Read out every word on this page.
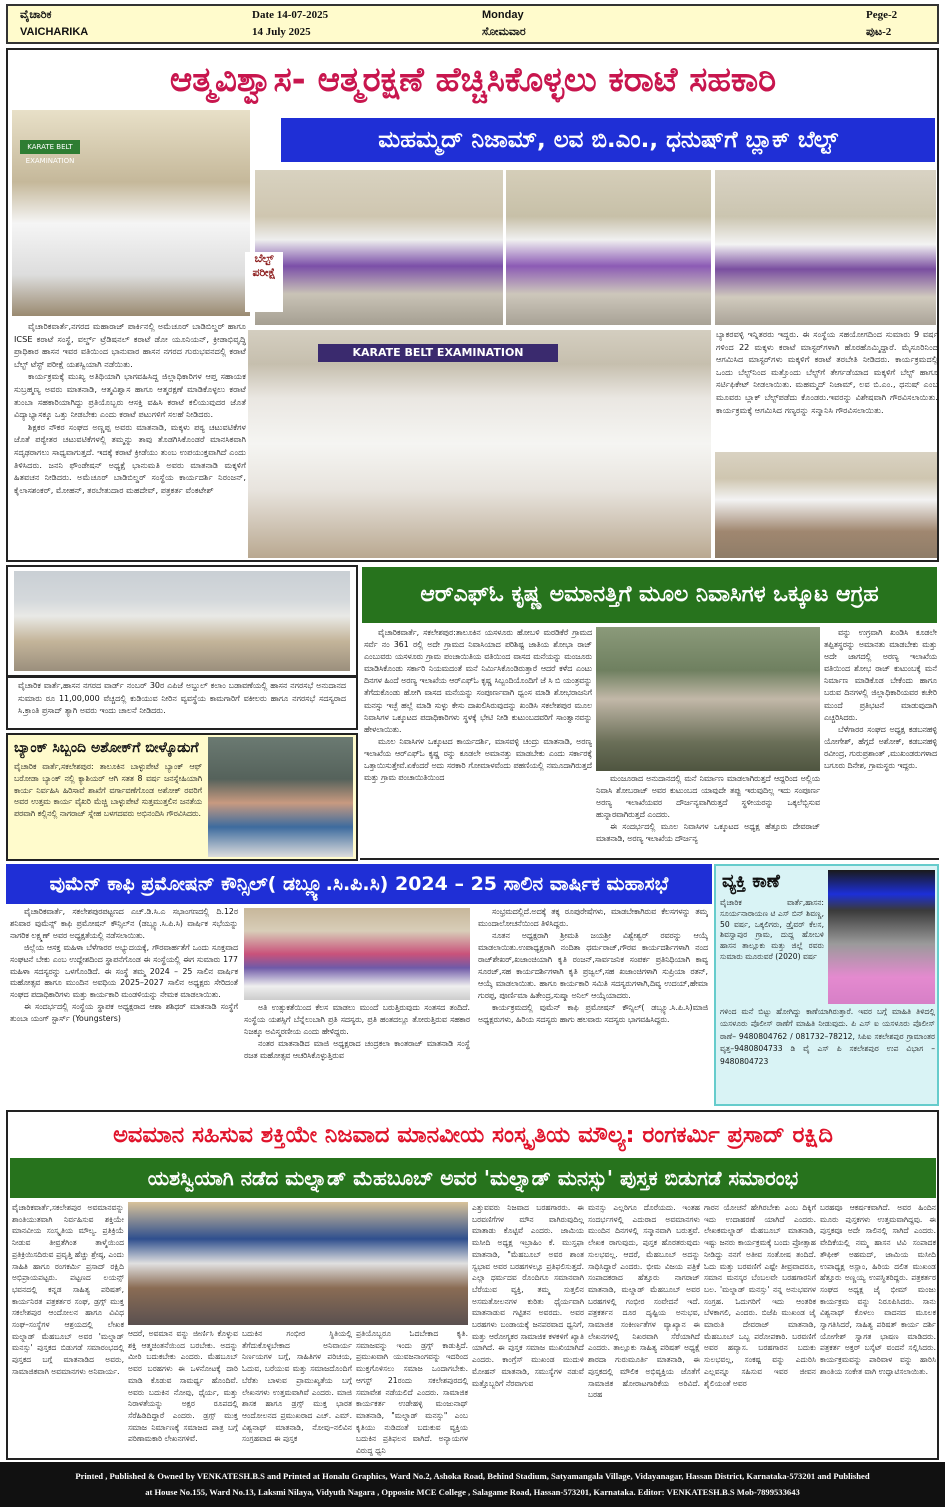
ವೈಚಾರಿಕ
VAICHARIKA
Date 14-07-2025
14 July 2025
Monday
ಸೋಮವಾರ
Pege-2
ಪುಟ-2
ಆತ್ಮವಿಶ್ವಾಸ- ಆತ್ಮರಕ್ಷಣೆ ಹೆಚ್ಚಿಸಿಕೊಳ್ಳಲು ಕರಾಟೆ ಸಹಕಾರಿ
ಮಹಮ್ಮದ್ ನಿಜಾಮ್, ಲವ ಬಿ.ಎಂ., ಧನುಷ್‌ಗೆ ಬ್ಲಾಕ್ ಬೆಲ್ಟ್
KARATE BELT EXAMINATION
ಬೆಲ್ಟ್ ಪರೀಕ್ಷೆ

ವೈಚಾರಿಕವಾರ್ತೆ,ನಗರದ ಮಹಾರಾಜ್ ಪಾರ್ಕಿನಲ್ಲಿ ಅಮೆಚೂರ್ ಬಾಡಿಬಿಲ್ಡರ್ ಹಾಗೂ ICSE ಕರಾಟೆ ಸಂಸ್ಥೆ, ವರ್ಲ್ಡ್ ಟ್ರೆಡಿಷನಲ್ ಕರಾಟೆ ಡೋ ಯೂನಿಯನ್, ಕ್ರೀಡಾಭಿವೃದ್ಧಿ ಪ್ರಾಧಿಕಾರ ಹಾಸನ ಇವರ ವತಿಯಿಂದ ಭಾನುವಾರ ಹಾಸನ ನಗರದ ಗುರುಭವನದಲ್ಲಿ ಕರಾಟೆ ಬೆಲ್ಟ್ ಟೆಸ್ಟ್ ಪರೀಕ್ಷೆ ಯಶಸ್ವಿಯಾಗಿ ನಡೆಯಿತು.

ಕಾರ್ಯಕ್ರಮಕ್ಕೆ ಮುಖ್ಯ ಅತಿಥಿಯಾಗಿ ಭಾಗವಹಿಸಿದ್ದ ಜಿಲ್ಲಾಧಿಕಾರಿಗಳ ಆಪ್ತ ಸಹಾಯಕ ಸುಬ್ರಹ್ಮಣ್ಯ ಅವರು ಮಾತನಾಡಿ, ಆತ್ಮವಿಶ್ವಾಸ ಹಾಗೂ ಆತ್ಮರಕ್ಷಣೆ ಮಾಡಿಕೊಳ್ಳಲು ಕರಾಟೆ ತುಂಬಾ ಸಹಕಾರಿಯಾಗಿದ್ದು ಪ್ರತಿಯೊಬ್ಬರು ಆಸಕ್ತಿ ವಹಿಸಿ ಕರಾಟೆ ಕಲಿಯುವುದರ ಜೊತೆ ವಿದ್ಯಾಭ್ಯಾಸಕ್ಕೂ ಒತ್ತು ನೀಡಬೇಕು ಎಂದು ಕರಾಟೆ ಪಟುಗಳಿಗೆ ಸಲಹೆ ನೀಡಿದರು.

ಶಿಕ್ಷಕರ ನೌಕರ ಸಂಘದ ಅಣ್ಣಪ್ಪ ಅವರು ಮಾತನಾಡಿ, ಮಕ್ಕಳು ಪಠ್ಯ ಚಟುವಟಿಕೆಗಳ ಜೊತೆ ಪಠ್ಯೇತರ ಚಟುವಟಿಕೆಗಳಲ್ಲಿ ತಮ್ಮನ್ನು ತಾವು ತೊಡಗಿಸಿಕೊಂಡರೆ ಮಾನಸಿಕವಾಗಿ ಸದೃಢರಾಗಲು ಸಾಧ್ಯವಾಗುತ್ತದೆ. ಇದಕ್ಕೆ ಕರಾಟೆ ಕ್ರೀಡೆಯು ತುಂಬ ಉಪಯುಕ್ತವಾಗಿದೆ ಎಂದು ತಿಳಿಸಿದರು. ಜನನಿ ಫೌಂಡೇಷನ್ ಅಧ್ಯಕ್ಷೆ ಭಾನುಮತಿ ಅವರು ಮಾತನಾಡಿ ಮಕ್ಕಳಿಗೆ ಹಿತವಚನ ನೀಡಿದರು. ಅಮೆಚೂರ್ ಬಾಡಿಬಿಲ್ಡರ್ ಸಂಸ್ಥೆಯ ಕಾರ್ಯದರ್ಶಿ ನಿರಂಜನ್, ಕೈಲಾಸಶಂಕರ್, ಮೋಹನ್, ತರಬೇತುದಾರ ಮಹದೇವ್, ಪತ್ರಕರ್ತ ವೆಂಕಟೇಶ್

KARATE BELT EXAMINATION
ಬ್ಯಾಕರವಳ್ಳಿ ಇನ್ನಿತರರು ಇದ್ದರು. ಈ ಸಂಸ್ಥೆಯ ಸಹಯೋಗದಿಂದ ಸುಮಾರು 9 ವರ್ಷ ಗಳಿಂದ 22 ಮಕ್ಕಳು ಕರಾಟೆ ಮಾಸ್ಟರ್‌ಗಳಾಗಿ ಹೊರಹೊಮ್ಮಿದ್ದಾರೆ. ಮೈಸೂರಿನಿಂದ ಆಗಮಿಸಿದ ಮಾಸ್ಟರ್‌ಗಳು ಮಕ್ಕಳಿಗೆ ಕರಾಟೆ ತರಬೇತಿ ನೀಡಿದರು. ಕಾರ್ಯಕ್ರಮದಲ್ಲಿ ಒಂದು ಬೆಲ್ಟ್‌ನಿಂದ ಮತ್ತೊಂದು ಬೆಲ್ಟ್‌ಗೆ ತೇರ್ಗಡೆಯಾದ ಮಕ್ಕಳಿಗೆ ಬೆಲ್ಟ್ ಹಾಗೂ ಸರ್ಟಿಫಿಕೇಟ್ ನೀಡಲಾಯಿತು. ಮಹಮ್ಮದ್ ನಿಜಾಮ್, ಲವ ಬಿ.ಎಂ., ಧನುಷ್ ಎಂಬ ಮೂವರು ಬ್ಲಾಕ್ ಬೆಲ್ಟ್‌ಪಡೆದು ಕೊಂಡರು.ಇವರನ್ನು ವಿಶೇಷವಾಗಿ ಗೌರವಿಸಲಾಯಿತು. ಕಾರ್ಯಕ್ರಮಕ್ಕೆ ಆಗಮಿಸಿದ ಗಣ್ಯರನ್ನು ಸನ್ಮಾನಿಸಿ ಗೌರವಿಸಲಾಯಿತು.
ವೈಚಾರಿಕ ವಾರ್ತೆ,ಹಾಸನ ನಗರದ ವಾರ್ಡ್ ನಂಬರ್ 30ರ ಎಪಿಜೆ ಅಬ್ದುಲ್ ಕಲಾಂ ಬಡಾವಣೆಯಲ್ಲಿ ಹಾಸನ ನಗರಸಭೆ ಅನುದಾನದ ಸುಮಾರು ರೂ 11,00,000 ವೆಚ್ಚದಲ್ಲಿ ಕುಡಿಯುವ ನೀರಿನ ವ್ಯವಸ್ಥೆಯ ಕಾಮಗಾರಿಗೆ ವಕೀಲರು ಹಾಗೂ ನಗರಸಭೆ ಸದಸ್ಯರಾದ ಸಿ.ಕ್ರಾಂತಿ ಪ್ರಸಾದ್ ತ್ಯಾಗಿ ಅವರು ಇಂದು ಚಾಲನೆ ನೀಡಿದರು.
ಬ್ಯಾಂಕ್ ಸಿಬ್ಬಂದಿ ಅಶೋಕ್‌ಗೆ ಬೀಳ್ಕೊಡುಗೆ
ವೈಚಾರಿಕ ವಾರ್ತೆ,ಸಕಲೇಶಪುರ: ತಾಲೂಕಿನ ಬಾಳ್ಳುಪೇಟೆ ಬ್ಯಾಂಕ್ ಆಫ್ ಬರೋಡಾ ಬ್ಯಾಂಕ್ ನಲ್ಲಿ ಕ್ಯಾಶಿಯರ್ ಆಗಿ ಸತತ 8 ವರ್ಷ ಜನಸ್ನೇಹಿಯಾಗಿ ಕಾರ್ಯ ನಿರ್ವಹಿಸಿ ಹಿರಿಸಾವೆ ಶಾಖೆಗೆ ವರ್ಗಾವಣೆಗೊಂಡ ಅಶೋಕ್ ರವರಿಗೆ ಅವರ ಉತ್ತಮ ಕಾರ್ಯ ವೈಖರಿ ಮೆಚ್ಚಿ ಬಾಳ್ಳುಪೇಟೆ ಸುತ್ತಮುತ್ತಲಿನ ಜನತೆಯ ಪರವಾಗಿ ಕಲ್ಲಿನಲ್ಲಿ ನಾಗರಾಜ್ ಸ್ನೇಹ ಬಳಗದವರು ಅಭಿನಂದಿಸಿ ಗೌರವಿಸಿದರು.
ಆರ್‌ಎಫ್‌ಓ ಕೃಷ್ಣ ಅಮಾನತ್ತಿಗೆ ಮೂಲ ನಿವಾಸಿಗಳ ಒಕ್ಕೂಟ ಆಗ್ರಹ

ವೈಚಾರಿಕವಾರ್ತೆ, ಸಕಲೇಶಪುರ:ತಾಲೂಕಿನ ಯಸಳೂರು ಹೋಬಳಿ ಮರಡಿಕೆರೆ ಗ್ರಾಮದ ಸರ್ವೆ ನಂ 361 ರಲ್ಲಿ ಅದೇ ಗ್ರಾಮದ ನಿವಾಸಿಯಾದ ಪರಿಶಿಷ್ಟ ಜಾತಿಯ ಶೋಭಾ ರಾಜ್ ಎಂಬುವರು ಯಸಳೂರು ಗ್ರಾಮ ಪಂಚಾಯಿತಿಯ ವತಿಯಿಂದ ವಾಸದ ಮನೆಯನ್ನು ಮಂಜೂರು ಮಾಡಿಸಿಕೊಂಡು ಸರ್ಕಾರಿ ನಿಯಮದಂತೆ ಮನೆ ನಿರ್ಮಿಸಿಕೊಂಡಿರುತ್ತಾರೆ ಆದರೆ ಕಳೆದ ಎಂಟು ದಿನಗಳ ಹಿಂದೆ ಅರಣ್ಯ ಇಲಾಖೆಯ ಆರ್‌ಎಫ್‌ಓ ಕೃಷ್ಣ ಸಿಬ್ಬಂದಿಯೊಂದಿಗೆ ಜೆ ಸಿ ಬಿ ಯಂತ್ರವನ್ನು ತೆಗೆದುಕೊಂಡು ಹೋಗಿ ವಾಸದ ಮನೆಯನ್ನು ಸಂಪೂರ್ಣವಾಗಿ ಧ್ವಂಸ ಮಾಡಿ ಶೋಭರಾಜನಿಗೆ ಮನಸ್ಸು ಇಚ್ಛೆ ಹಲ್ಲೆ ಮಾಡಿ ಸುಳ್ಳು ಕೇಸು ದಾಖಲಿಸಿರುವುದನ್ನು ಖಂಡಿಸಿ ಸಕಲೇಶಪುರ ಮೂಲ ನಿವಾಸಿಗಳ ಒಕ್ಕೂಟದ ಪದಾಧಿಕಾರಿಗಳು ಸ್ಥಳಕ್ಕೆ ಭೇಟಿ ನೀಡಿ ಕುಟುಂಬದವರಿಗೆ ಸಾಂತ್ವಾನವನ್ನು ಹೇಳಲಾಯಿತು.

ಮೂಲ ನಿವಾಸಿಗಳ ಒಕ್ಕೂಟದ ಕಾರ್ಯದರ್ಶಿ, ಮಾಸವಳ್ಳಿ ಚಂದ್ರು ಮಾತನಾಡಿ, ಅರಣ್ಯ ಇಲಾಖೆಯ ಆರ್‌ಎಫ್‌ಓ ಕೃಷ್ಣ ರನ್ನು ಕೂಡಲೇ ಅಮಾನತ್ತು ಮಾಡಬೇಕು ಎಂದು ಸರ್ಕಾರಕ್ಕೆ ಒತ್ತಾಯಿಸುತ್ತೇವೆ.ಏಕೆಂದರೆ ಅದು ಸರಕಾರಿ ಗೋಮಾಳವೆಂದು ಪಹಣಿಯಲ್ಲಿ ನಮೂದಾಗಿರುತ್ತದೆ ಮತ್ತು ಗ್ರಾಮ ಪಂಚಾಯಿತಿಯಿಂದ	ಮಂಜೂರಾದ ಅನುದಾನದಲ್ಲಿ ಮನೆ ನಿರ್ಮಾಣ ಮಾಡಲಾಗಿರುತ್ತದೆ ಆದ್ದರಿಂದ ಅಲ್ಲಿಯ ನಿವಾಸಿ ಶೋಬರಾಜ್ ಅವರ ಕುಟುಂಬದ ಯಾವುದೇ ತಪ್ಪು ಇರುವುದಿಲ್ಲ ಇದು ಸಂಪೂರ್ಣ ಅರಣ್ಯ ಇಲಾಖೆಯವರ ದೌರ್ಜನ್ಯವಾಗಿರುತ್ತದೆ ಸ್ಥಳೀಯರನ್ನು ಒಕ್ಕಲೆಬ್ಬಿಸುವ ಹುನ್ನಾರವಾಗಿರುತ್ತದೆ ಎಂದರು.

ಈ ಸಂದರ್ಭದಲ್ಲಿ ಮೂಲ ನಿವಾಸಿಗಳ ಒಕ್ಕೂಟದ ಅಧ್ಯಕ್ಷ ಹೆತ್ತೂರು ದೇವರಾಜ್ ಮಾತನಾಡಿ, ಅರಣ್ಯ ಇಲಾಖೆಯ ದೌರ್ಜನ್ಯ

ವನ್ನು ಉಗ್ರವಾಗಿ ಖಂಡಿಸಿ ಕೂಡಲೇ ತಪ್ಪಿತಸ್ಥರನ್ನು ಅಮಾನತು ಮಾಡಬೇಕು ಮತ್ತು ಅದೇ ಜಾಗದಲ್ಲಿ ಅರಣ್ಯ ಇಲಾಖೆಯ ವತಿಯಿಂದ ಶೋಭ ರಾಜ್ ಕುಟುಂಬಕ್ಕೆ ಮನೆ ನಿರ್ಮಾಣ ಮಾಡಿಕೊಡ ಬೇಕೆಂದು ಹಾಗೂ ಬರುವ ದಿನಗಳಲ್ಲಿ ಜಿಲ್ಲಾಧಿಕಾರಿಯವರ ಕಚೇರಿ ಮುಂದೆ ಪ್ರತಿಭಟನೆ ಮಾಡುವುದಾಗಿ ಎಚ್ಚರಿಸಿದರು.

ಬೆಳೆಗಾರರ ಸಂಘದ ಅಧ್ಯಕ್ಷ ಕಡಬನಹಳ್ಳಿ ಯೋಗೇಶ್, ಹೆಗ್ಗದೆ ಅಶೋಕ್, ಕಡಬನಹಳ್ಳಿ ರವೀಂದ್ರ, ಗುರುಪ್ರಶಾಂತ್ ,ಮುಖಂಡರುಗಳಾದ ಬಗೂರು ದಿನೇಶ, ಗ್ರಾಮಸ್ಥರು ಇದ್ದರು.

ವುಮೆನ್ ಕಾಫಿ ಪ್ರಮೋಷನ್ ಕೌನ್ಸಿಲ್( ಡಬ್ಲ್ಯೂ.ಸಿ.ಪಿ.ಸಿ) 2024 – 25 ಸಾಲಿನ ವಾರ್ಷಿಕ ಮಹಾಸಭೆ

ವೈಚಾರಿಕವಾರ್ತೆ, ಸಕಲೇಶಪುರಪಟ್ಟಣದ ಎಚ್.ಡಿ.ಸಿ.ಎ ಸಭಾಂಗಣದಲ್ಲಿ ದಿ.12ರ ಶನಿವಾರ ವುಮೆನ್ಸ್ ಕಾಫಿ ಪ್ರಮೋಷನ್ ಕೌನ್ಸಿಲ್‌ನ (ಡಬ್ಲ್ಯೂ.ಸಿ.ಪಿ.ಸಿ) ವಾರ್ಷಿಕ ಸಭೆಯನ್ನು ನಾಗರಿಕ ಲಕ್ಷ್ಮಣ್ ಅವರ ಅಧ್ಯಕ್ಷತೆಯಲ್ಲಿ ನಡೆಸಲಾಯಿತು.

ಜಿಲ್ಲೆಯ ಆಸಕ್ತ ಮಹಿಳಾ ಬೆಳೆಗಾರರ ಅಭ್ಯುದಯಕ್ಕೆ, ಗೌರವಾರ್ಹತೆಗೆ ಒಂದು ಸೂಕ್ತವಾದ ಸಂಘಟನೆ ಬೇಕು ಎಂಬ ಉದ್ದೇಶದಿಂದ ಸ್ಥಾಪನೆಗೊಂಡ ಈ ಸಂಸ್ಥೆಯಲ್ಲಿ ಈಗ ಸುಮಾರು 177 ಮಹಿಳಾ ಸದಸ್ಯರನ್ನು ಒಳಗೊಂಡಿದೆ. ಈ ಸಂಸ್ಥೆ ತಮ್ಮ 2024 – 25 ಸಾಲಿನ ವಾರ್ಷಿಕ ಮಹೋತ್ಸವ ಹಾಗೂ ಮುಂದಿನ ಅವಧಿಯ 2025–2027 ಸಾಲಿನ ಅಧ್ಯಕ್ಷರು ಸೇರಿದಂತೆ ಸಂಘದ ಪದಾಧಿಕಾರಿಗಳು ಮತ್ತು ಕಾರ್ಯಕಾರಿ ಮಂಡಳಿಯನ್ನು ನೇಮಕ ಮಾಡಲಾಯಿತು.

ಈ ಸಂದರ್ಭದಲ್ಲಿ ಸಂಸ್ಥೆಯ ಸ್ಥಾಪಕ ಅಧ್ಯಕ್ಷರಾದ ಆಶಾ ಶಶಿಧರ್ ಮಾತನಾಡಿ ಸಂಸ್ಥೆಗೆ ತುಂಬಾ ಯಂಗ್ ಸ್ಟಾರ್ಸ್ (Youngsters)

ಅತಿ ಉತ್ಸುಕತೆಯಿಂದ ಕೆಲಸ ಮಾಡಲು ಮುಂದೆ ಬರುತ್ತಿರುವುದು ಸಂತಸದ ತಂದಿದೆ. ಸಂಸ್ಥೆಯ ಯಶಸ್ಸಿಗೆ ಬೆನ್ನೆಲುಬಾಗಿ ಪ್ರತಿ ಸದಸ್ಯರು, ಪ್ರತಿ ಹಂತದಲ್ಲೂ ತೋರುತ್ತಿರುವ ಸಹಕಾರ ನಿಜಕ್ಕೂ ಅವಿಸ್ಮರಣೀಯ ಎಂದು ಹೇಳಿದ್ದರು.

ನಂತರ ಮಾತನಾಡಿದ ಮಾಜಿ ಅಧ್ಯಕ್ಷರಾದ ಚಂದ್ರಕಲಾ ಕಾಂತರಾಜ್ ಮಾತನಾಡಿ ಸಂಸ್ಥೆ ರಜತ ಮಹೋತ್ಸವ ಆಚರಿಸಿಕೊಳ್ಳುತ್ತಿರುವ

ಸಂಭ್ರಮದಲ್ಲಿದೆ.ಅದಕ್ಕೆ ತಕ್ಕ ರೂಪುರೇಷೆಗಳು, ಮಾಡಬೇಕಾಗಿರುವ ಕೆಲಸಗಳನ್ನು ತಮ್ಮ ಮುಂದಾಲೋಚನೆಯಿಂದ ತಿಳಿಸಿದ್ದರು.

ನೂತನ ಅಧ್ಯಕ್ಷರಾಗಿ ಶ್ರೀಮತಿ ಜಯಶ್ರೀ ವಿಶ್ವೇಶ್ವರ್ ರವರನ್ನು ಆಯ್ಕೆ ಮಾಡಲಾಯಿತು.ಉಪಾಧ್ಯಕ್ಷರಾಗಿ ನಂದಿತಾ ಧರ್ಮರಾಜ್,ಗೌರವ ಕಾರ್ಯದರ್ಶಿಗಳಾಗಿ ನಂದ ರಾಜ್‌ಶೇಖರ್,ಖಜಾಂಚಿಯಾಗಿ ಕೃತಿ ರಂಜನ್,ಸಾರ್ವಜನಿಕ ಸಂಪರ್ಕ ಪ್ರತಿನಿಧಿಯಾಗಿ ಕಾವ್ಯ ಸೂರಜ್,ಸಹ ಕಾರ್ಯದರ್ಶಿಗಳಾಗಿ ಕೃತಿ ಪ್ರಜ್ವಲ್,ಸಹ ಖಜಾಂಚಿಗಳಾಗಿ ಸುಪ್ರಿಯಾ ರತನ್, ಆಯ್ಕೆ ಮಾಡಲಾಯಿತು. ಹಾಗೂ ಕಾರ್ಯಕಾರಿ ಸಮಿತಿ ಸದಸ್ಯರುಗಳಾಗಿ,ದಿವ್ಯ ಉದಯ್,ಹೇಮಾ ಗುರಪ್ಪ, ಪೂರ್ಣಿಮಾ ಹಿತೇಂದ್ರ,ಸುಷ್ಮಾ ಅನಿಲ್ ಆಯ್ಕೆಯಾದರು.

ಕಾರ್ಯಕ್ರಮದಲ್ಲಿ ವುಮೆನ್ ಕಾಫಿ ಪ್ರಮೋಷನ್ ಕೌನ್ಸಿಲ್( ಡಬ್ಲ್ಯೂ.ಸಿ.ಪಿ.ಸಿ)ಮಾಜಿ ಅಧ್ಯಕ್ಷರುಗಳು, ಹಿರಿಯ ಸದಸ್ಯರು ಹಾಗು ಹಲವಾರು ಸದಸ್ಯರು ಭಾಗವಹಿಸಿದ್ದರು.

ವ್ಯಕ್ತಿ ಕಾಣೆ
ವೈಚಾರಿಕ ವಾರ್ತೆ,ಹಾಸನ: ಸೂರ್ಯನಾರಾಯಣ ಟಿ ಎಸ್ ಬಿನ್ ಶಿವಣ್ಣ, 50 ವರ್ಷ, ಒಕ್ಕಲಿಗರು, ಡ್ರೈವರ್ ಕೆಲಸ, ಶಿವಸ್ವಾಪುರ ಗ್ರಾಮ, ದುದ್ದ ಹೋಬಳಿ ಹಾಸನ ತಾಲ್ಲೂಕು ಮತ್ತು ಜಿಲ್ಲೆ ರವರು ಸುಮಾರು ಮೂರುವರೆ (2020) ವರ್ಷ
ಗಳಿಂದ ಮನೆ ಬಿಟ್ಟು ಹೋಗಿದ್ದು ಕಾಣೆಯಾಗಿರುತ್ತಾರೆ. ಇವರ ಬಗ್ಗೆ ಮಾಹಿತಿ ತಿಳಿದಲ್ಲಿ ಯಸಳೂರು ಪೊಲೀಸ್ ಠಾಣೆಗೆ ಮಾಹಿತಿ ನೀಡುವುದು. ಪಿ ಎಸ್ ಐ ಯಸಳೂರು ಪೊಲೀಸ್ ಠಾಣೆ– 9480804762 / 081732–78212, ಸಿಪಿಐ ಸಕಲೇಶಪುರ ಗ್ರಾಮಾಂತರ ವೃತ್ತ–9480804733 ಡಿ ವೈ ಎಸ್ ಪಿ ಸಕಲೇಶಪುರ ಉಪ ವಿಭಾಗ –9480804723
ಅವಮಾನ ಸಹಿಸುವ ಶಕ್ತಿಯೇ ನಿಜವಾದ ಮಾನವೀಯ ಸಂಸ್ಕೃತಿಯ ಮೌಲ್ಯ: ರಂಗಕರ್ಮಿ ಪ್ರಸಾದ್ ರಕ್ಷಿದಿ
ಯಶಸ್ವಿಯಾಗಿ ನಡೆದ ಮಲ್ನಾಡ್ ಮೆಹಬೂಬ್ ಅವರ 'ಮಲ್ನಾಡ್ ಮನಸ್ಸು' ಪುಸ್ತಕ ಬಿಡುಗಡೆ ಸಮಾರಂಭ
ವೈಚಾರಿಕವಾರ್ತೆ,ಸಕಲೇಶಪುರ ಅವಮಾನವನ್ನು ಶಾಂತಿಯುತವಾಗಿ ನಿರ್ವಹಿಸುವ ಶಕ್ತಿಯೇ ಮಾನವೀಯ ಸಂಸ್ಕೃತಿಯ ಮೌಲ್ಯ. ಪ್ರತಿಕ್ರಿಯೆ ನೀಡುವ ತೀವ್ರತೆಗಿಂತ ತಾಳ್ಮೆಯಿಂದ ಪ್ರತಿಕ್ರಿಯಿಸದಿರುವ ಪ್ರವೃತ್ತಿ ಹೆಚ್ಚು ಶ್ರೇಷ್ಠ, ಎಂದು ಸಾಹಿತಿ ಹಾಗೂ ರಂಗಕರ್ಮಿ ಪ್ರಸಾದ್ ರಕ್ಷಿದಿ ಅಭಿಪ್ರಾಯಪಟ್ಟರು. ಪಟ್ಟಣದ ಲಯನ್ಸ್ ಭವನದಲ್ಲಿ ಕನ್ನಡ ಸಾಹಿತ್ಯ ಪರಿಷತ್, ಕಾರ್ಯನಿರತ ಪತ್ರಕರ್ತರ ಸಂಘ, ಡ್ರಗ್ಸ್ ಮುಕ್ತ ಸಕಲೇಶಪುರ ಆಂದೋಲನ ಹಾಗೂ ವಿವಿಧ ಸಂಘ–ಸಂಸ್ಥೆಗಳ ಆಶ್ರಯದಲ್ಲಿ ಲೇಖಕ ಮಲ್ನಾಡ್ ಮೆಹಬೂಬ್ ಅವರ 'ಮಲ್ನಾಡ್ ಮನಸ್ಸು' ಪುಸ್ತಕದ ಬಿಡುಗಡೆ ಸಮಾರಂಭದಲ್ಲಿ ಪುಸ್ತಕದ ಬಗ್ಗೆ ಮಾತನಾಡಿದ ಅವರು, ಸಾಮಾಜಿಕವಾಗಿ ಅವಮಾನಗಳು ಅನಿವಾರ್ಯ.
ಆದರೆ, ಅವಮಾನ ವನ್ನು ಜೀರ್ಣಿಸಿ ಕೊಳ್ಳುವ ಶಕ್ತಿ ಆತ್ಮಚಿಂತನೆಯಿಂದ ಬರಬೇಕು. ಅದನ್ನು ಮೀರಿ ಬದುಕಬೇಕು ಎಂದರು. ಮೆಹಬೂಬ್ ಅವರ ಬರಹಗಳು ಈ ಒಳನೋಟಕ್ಕೆ ದಾರಿ ಮಾಡಿ ಕೊಡುವ ಸಾಮರ್ಥ್ಯ ಹೊಂದಿವೆ. ಅವರು ಬದುಕಿನ ನೋವು, ಧೈರ್ಯ, ಮತ್ತು ನಿರಾಳತೆಯನ್ನು ಅಕ್ಷರ ರೂಪದಲ್ಲಿ ಸೆರೆಹಿಡಿದಿದ್ದಾರೆ ಎಂದರು. ಡ್ರಗ್ಸ್ ಮುಕ್ತ ಸಮಾಜ ನಿರ್ಮಾಣಕ್ಕೆ ಸಮಾಜದ ಪಾತ್ರ ಬಗ್ಗೆ ಪರಿಣಾಮಕಾರಿ ಲೇಖನಗಳಿವೆ.
ಬದುಕಿನ ಗಂಭೀರ ಸ್ಥಿತಿಯಲ್ಲಿ ತೆಗೆದುಕೊಳ್ಳಬೇಕಾದ ಅನಿವಾರ್ಯ ನಿರ್ಣಯಗಳ ಬಗ್ಗೆ, ಸಾಹಿತಿಗಳ ಪರಿಚಯ, ಓದುವ, ಬರೆಯುವ ಮತ್ತು ಸಮಾಜದೊಂದಿಗೆ ಬೆರೆತು ಬಾಳುವ ಪ್ರಾಮುಖ್ಯತೆಯ ಬಗ್ಗೆ ಲೇಖನಗಳು ಉತ್ತಮವಾಗಿವೆ ಎಂದರು. ಮಾಜಿ ಶಾಸಕ ಹಾಗೂ ಡ್ರಗ್ಸ್ ಮುಕ್ತ ಭಾರತ ಆಂದೋಲನದ ಪ್ರಮುಖರಾದ ಎಚ್. ಎಮ್. ವಿಶ್ವನಾಥ್ ಮಾತನಾಡಿ, ನೋವು–ನಲಿವಿನ ಸಂಗ್ರಹವಾದ ಈ ಪುಸ್ತಕ
ಪ್ರತಿಯೊಬ್ಬರೂ ಓದಬೇಕಾದ ಕೃತಿ. ಸಮಾಜವನ್ನು ಇಂದು ಡ್ರಗ್ಸ್ ಕಾಡುತ್ತಿದೆ. ಪ್ರಮುಖವಾಗಿ ಯುವಜನಾಂಗವನ್ನು ಇದರಿಂದ ಮುಕ್ತಗೊಳಿಸಲು ಸಮಾಜ ಒಂದಾಗಬೇಕು. ಆಗಸ್ಟ್ 21ರಂದು ಸಕಲೇಶಪುರದಲ್ಲಿ ಸಮಾವೇಶ ನಡೆಯಲಿದೆ ಎಂದರು. ಸಾಮಾಜಿಕ ಕಾರ್ಯಕರ್ತ ಉಡೇಹಳ್ಳಿ ಮಂಜುನಾಥ್ ಮಾತನಾಡಿ, "ಮಲ್ನಾಡ್ ಮನಸ್ಸು" ಎಂಬ ಕೃತಿಯು ನುಡಿದಂತೆ ಬದುಕುವ ವ್ಯಕ್ತಿಯ ಬದುಕಿನ ಪ್ರತಿಫಲನ ವಾಗಿದೆ. ಅನ್ಯಾಯಗಳ ವಿರುದ್ಧ ಧ್ವನಿ
ಎತ್ತುವವರು ನಿಜವಾದ ಬರಹಗಾರರು. ಈ ಬರವಣಿಗೆಗಳ ಮೌನ ವಾಗಿರುವುದಿಲ್ಲ ಮಾತಾಡು ಕೊಟ್ಟಿವೆ ಎಂದರು. ಜಾಮಿಯ ಮಸೀದಿ ಅಧ್ಯಕ್ಷ ಇಬ್ರಾಹಿಂ ಕೆ. ಮುಸ್ತಫಾ ಮಾತನಾಡಿ, "ಮೆಹಬೂಬ್ ಅವರ ಶಾಂತ ಸ್ವಭಾವ ಅವರ ಬರಹಗಳಲ್ಲೂ ಪ್ರತಿಫಲಿಸುತ್ತದೆ. ಎಲ್ಲಾ ಧರ್ಮದವ ರೊಂದಿಗೂ ಸಮಾನವಾಗಿ ಬೆರೆಯುವ ವ್ಯಕ್ತಿ, ತಮ್ಮ ಸುತ್ತಲಿನ ಅಸಮತೋಲನಗಳ ಕುರಿತು ಧೈರ್ಯವಾಗಿ ಮಾತನಾಡುವ ಗಟ್ಟಿತನ ಅವರದು. ಅವರ ಬರಹಗಳು ಬಂಡಾಯಕ್ಕೆ ಜನಪರವಾದ ಧ್ವನಿಗೆ, ಮತ್ತು ಆರೋಗ್ಯಕರ ಸಾಮಾಜಿಕ ಕಳಕಳಿಗೆ ಖ್ಯಾತಿ ಯಾಗಿದೆ. ಈ ಪುಸ್ತಕ ಸಮಾಜ ಮುಖಿಯಾಗಿದೆ ಎಂದರು. ಕಾಂಗ್ರೆಸ್ ಮುಖಂಡ ಮುದುಳಿ ಮೋಹನ್ ಮಾತನಾಡಿ, ಸಮುಸ್ಯೆಗಳ ನಡುವೆ ಮತ್ತೊಬ್ಬರಿಗೆ ನೆರವಾಗುವ
ಮನಸ್ಸು ಎಲ್ಲರಿಗೂ ದೊರೆಯದು. ಇಂತಹ ಸಂದರ್ಭಗಳಲ್ಲಿ ಎದುರಾದ ಅವಮಾನಗಳು ಮುಂದಿನ ದಿನಗಳಲ್ಲಿ ಸನ್ಮಾನವಾಗಿ ಬರುತ್ತವೆ. ಲೇಖಕ ರಾಗುವುದು, ಪುಸ್ತಕ ಹೊರತರುವುದು ಸುಲಭವಲ್ಲ. ಆದರೆ, ಮೆಹಬೂಬ್ ಅದನ್ನು ಸಾಧಿಸಿದ್ದಾರೆ ಎಂದರು. ಭೀಮ ವಿಜಯ ಪತ್ರಿಕೆ ಸಂಪಾದಕರಾದ ಹೆತ್ತೂರು ನಾಗರಾಜ್ ಮಾತನಾಡಿ, ಮಲ್ನಾಡ್ ಮೆಹಬೂಬ್ ಅವರ ಬರಹಗಳಲ್ಲಿ ಗಂಭೀರ ಸಂವೇದನೆ ಇದೆ. ಪತ್ರಕರ್ತನ ದೂರ ದೃಷ್ಟಿಯ ಅನುಭವ, ಸಾಮಾಜಿಕ ಸಂಕೀರ್ಣತೆಗಳ ವ್ಯಾಖ್ಯಾನ ಈ ಲೇಖನಗಳಲ್ಲಿ ನಿಖರವಾಗಿ ಸೆರೆಯಾಗಿದೆ ಎಂದರು. ತಾಲ್ಲೂಕು ಸಾಹಿತ್ಯ ಪರಿಷತ್ ಅಧ್ಯಕ್ಷೆ ಶಾರದಾ ಗುರುಮೂರ್ತಿ ಮಾತನಾಡಿ, ಈ ಪುಸ್ತಕದಲ್ಲಿ ಮೌಲಿಕ ಅಭಿವ್ಯಕ್ತಿಯ ಜೊತೆಗೆ ಸಾಮಾಜಿಕ ಹೋರಾಟಗಾರಿಕೆಯ ಅರಿವಿದೆ. ಬರಹ
ಗಾರನ ಯೋಚನೆ ಹೇಗಿರಬೇಕು ಎಂಬ ದಿಕ್ಕಿಗೆ ಇದು ಉದಾಹರಣೆ ಯಾಗಿದೆ ಎಂದರು. ಲೇಖಕಮಲ್ನಾಡ್ ಮೆಹಬೂಬ್ ಮಾತನಾಡಿ, ಇಷ್ಟು ಜನರು ಕಾರ್ಯಕ್ರಮಕ್ಕೆ ಬಂದು ಪ್ರೋತ್ಸಾಹ ನೀಡಿದ್ದು ನನಗೆ ಅತೀವ ಸಂತೋಷ ತಂದಿದೆ. ಓದು ಮತ್ತು ಬರವಣಿಗೆ ಎಷ್ಟೇ ತೀವ್ರವಾದರೂ, ಸಮಾನ ಮನಸ್ಕರ ಬೆಂಬಲವೇ ಬರಹಗಾರನಿಗೆ ಬಲ. 'ಮಲ್ನಾಡ್ ಮನಸ್ಸು' ನನ್ನ ಅನುಭವಗಳ ಸಂಗ್ರಹ. ಓದುಗರಿಗೆ ಇದು ಆಂತರಿಕ ಬೆಳಕಾಗಲಿ, ಎಂದರು. ಬಿಜೆಪಿ ಮುಖಂಡ ಜೈ ಮಾರುತಿ ದೇವರಾಜ್ ಮಾತನಾಡಿ, ಮೆಹಬೂಬ್ ಒಬ್ಬ ಪರೋಪಕಾರಿ. ಬರವಣಿಗೆ ಅವರ ಹವ್ಯಾಸ. ಬರಹಗಾರನ ಬದುಕು ಸುಲಭವಲ್ಲ, ಸಂಕಷ್ಟ ವನ್ನು ಎದುರಿಸಿ ಎಲ್ಲವನ್ನೂ ಸಹಿಸುವ ಇವರ ಜೀವನ ಶೈಲಿಯಂತೆ ಅವರ
ಬರಹವೂ ಆಕರ್ಷಕವಾಗಿದೆ. ಅವರ ಹಿಂದಿನ ಮೂರು ಪುಸ್ತಕಗಳು ಉತ್ತಮವಾಗಿದ್ದವು. ಈ ಪುಸ್ತಕವೂ ಅದೇ ಸಾಲಿನಲ್ಲಿ ಸಾಗಿದೆ ಎಂದರು. ವೇದಿಕೆಯಲ್ಲಿ ನಮ್ಮ ಹಾಸನ ಟಿವಿ ಸಂಪಾದಕ ತೌಫೀಕ್ ಅಹಮದ್, ಜಾಮಿಯ ಮಸೀದಿ ಉಪಾಧ್ಯಕ್ಷ ಅಸ್ಲಾಂ, ಹಿರಿಯ ದಲಿತ ಮುಖಂಡ ಹೆತ್ತೂರು ಅಣ್ಣಯ್ಯ ಉಪಸ್ಥಿತರಿದ್ದರು. ಪತ್ರಕರ್ತರ ಸಂಘದ ಅಧ್ಯಕ್ಷ ಜೈ ಭೀಮ್ ಮಂಜು ಕಾರ್ಯಕ್ರಮ ವನ್ನು ನಿರೂಪಿಸಿದರು. ಸಾನು ವಿಶ್ವನಾಥ್ ಕೊಳಲು ವಾದನದ ಮೂಲಕ ಸ್ವಾಗತಿಸಿದರೆ, ಸಾಹಿತ್ಯ ಪರಿಷತ್ ಕಾರ್ಯ ದರ್ಶಿ ಯೋಗೇಶ್ ಸ್ವಾಗತ ಭಾಷಣ ಮಾಡಿದರು. ಪತ್ರಕರ್ತ ಅಕ್ತರ್ ಬಸ್ಕೆಟ್ ವಂದನೆ ಸಲ್ಲಿಸಿದರು. ಕಾರ್ಯಕ್ರಮವನ್ನು ಪಾರಿವಾಳ ವನ್ನು ಹಾರಿಸಿ ಶಾಂತಿಯ ಸಂಕೇತ ವಾಗಿ ಉದ್ಘಾಟಿಸಲಾಯಿತು.
Printed , Published & Owned by VENKATESH.B.S and Printed at Honalu Graphics, Ward No.2, Ashoka Road, Behind Stadium, Satyamangala Village, Vidayanagar, Hassan District, Karnataka-573201 and Published
at House No.155, Ward No.13, Laksmi Nilaya, Vidyuth Nagara , Opposite MCE College , Salagame Road, Hassan-573201, Karnataka. Editor: VENKATESH.B.S Mob-7899533643
